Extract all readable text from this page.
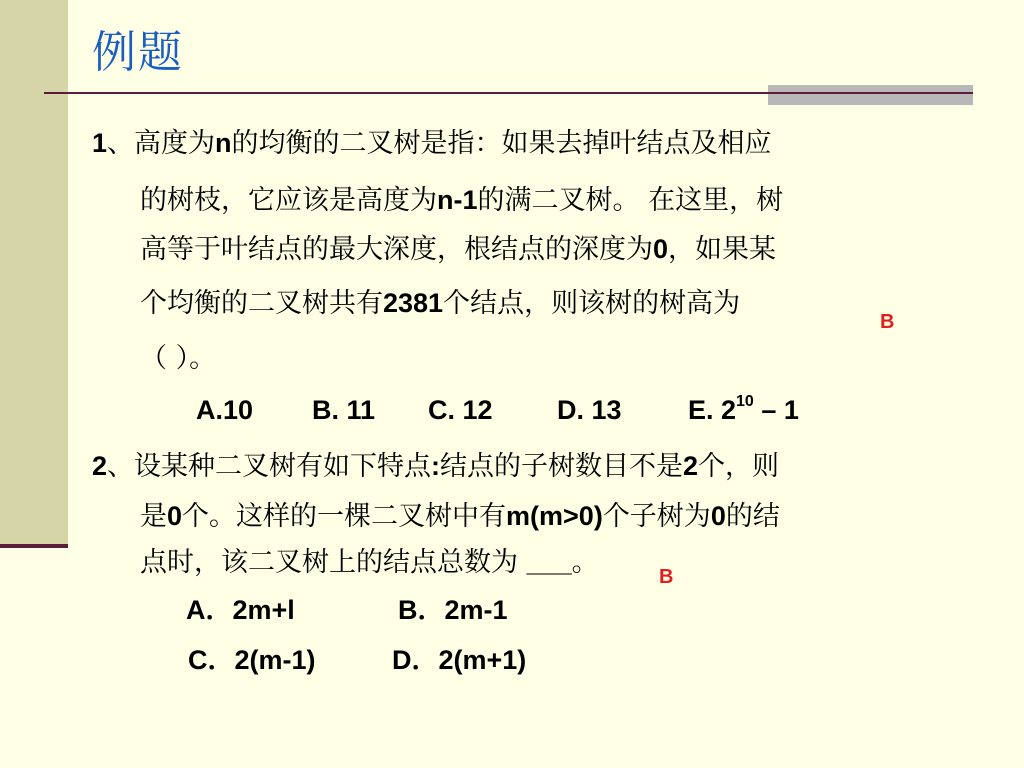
例题
1、高度为n的均衡的二叉树是指：如果去掉叶结点及相应
的树枝，它应该是高度为n-1的满二叉树。 在这里，树
高等于叶结点的最大深度，根结点的深度为0，如果某
个均衡的二叉树共有2381个结点，则该树的树高为
B
（ ）。
A.10 B. 11 C. 12 D. 13 E. $2^{10} - 1$
2、设某种二叉树有如下特点:结点的子树数目不是2个，则
是0个。这样的一棵二叉树中有m(m>0)个子树为0的结
点时，该二叉树上的结点总数为 ___。	B
A．2m+l	B．2m-1
C．2(m-1)	D．2(m+1)
